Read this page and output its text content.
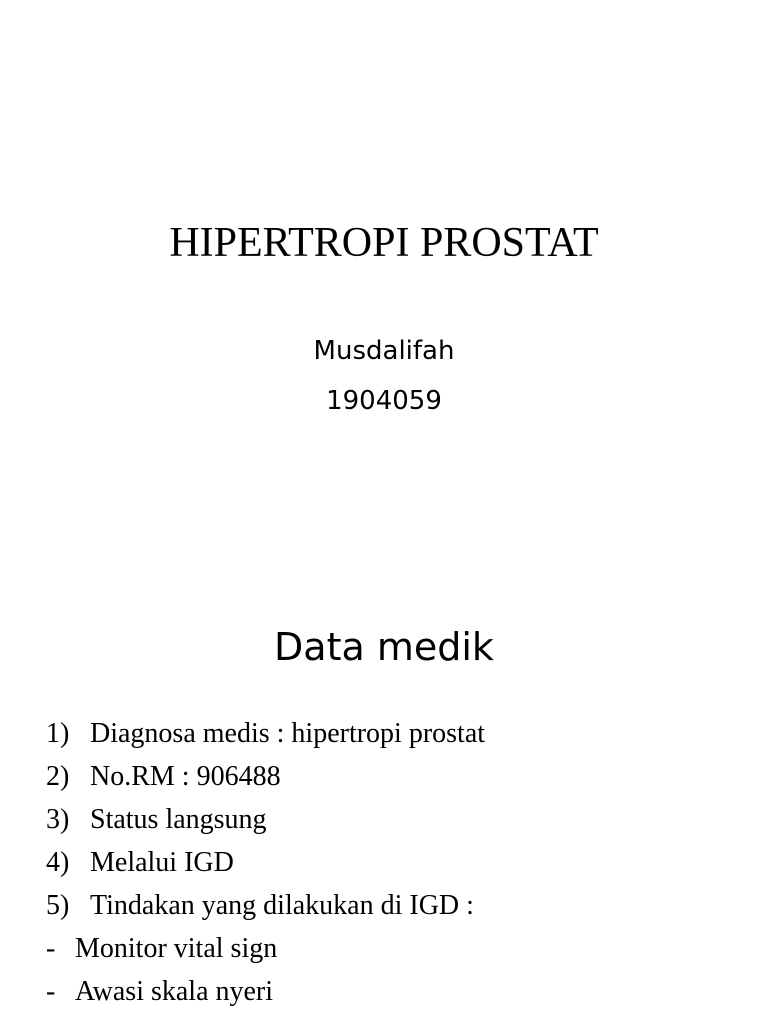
HIPERTROPI PROSTAT
Musdalifah
1904059
Data medik
1) Diagnosa medis : hipertropi prostat
2) No.RM : 906488
3) Status langsung
4) Melalui IGD
5) Tindakan yang dilakukan di IGD :
- Monitor vital sign
- Awasi skala nyeri
